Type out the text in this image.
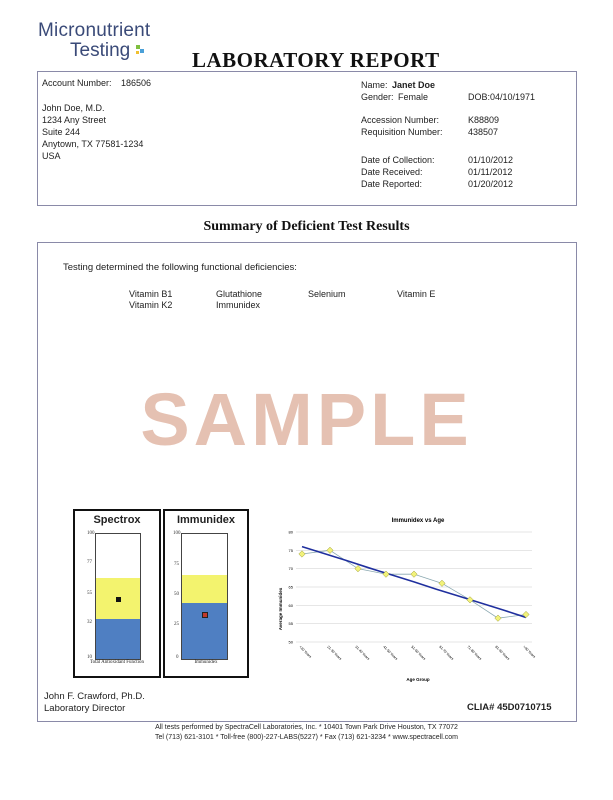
Micronutrient
Testing	LABORATORY REPORT
Account Number: 186506
John Doe, M.D.
1234 Any Street
Suite 244
Anytown, TX 77581-1234
USA
Name: Janet Doe
Gender: Female	DOB: 04/10/1971
Accession Number:	K88809
Requisition Number:	438507
Date of Collection:	01/10/2012
Date Received:	01/11/2012
Date Reported:	01/20/2012
Summary of Deficient Test Results
Testing determined the following functional deficiencies:
Vitamin B1	Glutathione	Selenium	Vitamin E
Vitamin K2	Immunidex
SAMPLE
Spectrox
100
77
55
32
10
Total Antioxidant Function
Immunidex
100
75
50
25
0
Immunidex
Immunidex vs Age
Average Immunidex
Age Group
80
75
70
65
60
55
50
<20 Years	21-30 Years	31-40 Years	41-50 Years	51-60 Years	61-70 Years	71-80 Years	81-90 Years	>90 Years
John F. Crawford, Ph.D.
Laboratory Director	CLIA# 45D0710715
All tests performed by SpectraCell Laboratories, Inc. * 10401 Town Park Drive Houston, TX 77072
Tel (713) 621-3101 * Toll-free (800)-227-LABS(5227) * Fax (713) 621-3234 * www.spectracell.com
